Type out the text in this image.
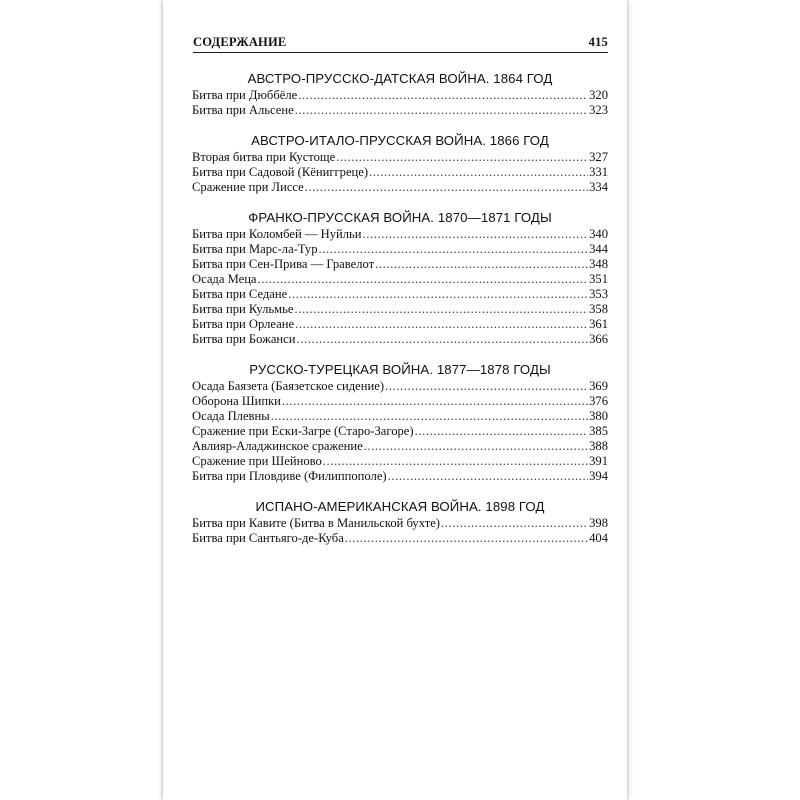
СОДЕРЖАНИЕ	415
АВСТРО-ПРУССКО-ДАТСКАЯ ВОЙНА. 1864 ГОД
Битва при Дюббёле .....	320
Битва при Альсене .....	323
АВСТРО-ИТАЛО-ПРУССКАЯ ВОЙНА. 1866 ГОД
Вторая битва при Кустоще .....	327
Битва при Садовой (Кёниггреце) .....	331
Сражение при Лиссе .....	334
ФРАНКО-ПРУССКАЯ ВОЙНА. 1870—1871 ГОДЫ
Битва при Коломбей — Нуйльи .....	340
Битва при Марс-ла-Тур .....	344
Битва при Сен-Прива — Гравелот .....	348
Осада Меца .....	351
Битва при Седане .....	353
Битва при Кульмье .....	358
Битва при Орлеане .....	361
Битва при Божанси .....	366
РУССКО-ТУРЕЦКАЯ ВОЙНА. 1877—1878 ГОДЫ
Осада Баязета (Баязетское сидение) .....	369
Оборона Шипки .....	376
Осада Плевны .....	380
Сражение при Ески-Загре (Старо-Загоре) .....	385
Авлияр-Аладжинское сражение .....	388
Сражение при Шейново .....	391
Битва при Пловдиве (Филиппополе) .....	394
ИСПАНО-АМЕРИКАНСКАЯ ВОЙНА. 1898 ГОД
Битва при Кавите (Битва в Манильской бухте) .....	398
Битва при Сантьяго-де-Куба .....	404
